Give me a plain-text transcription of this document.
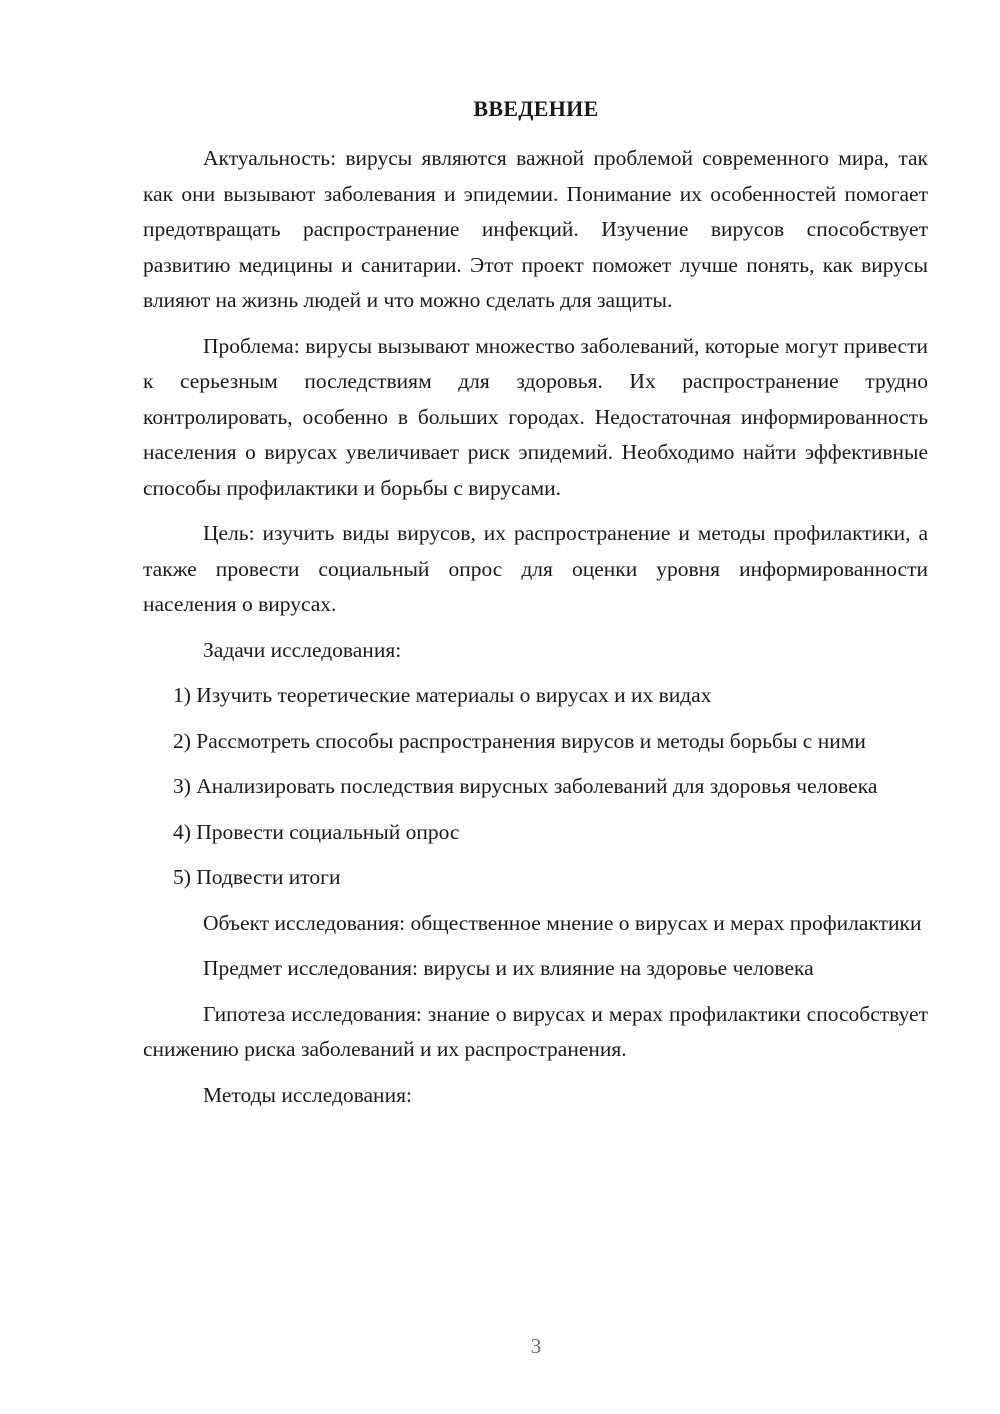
ВВЕДЕНИЕ

Актуальность: вирусы являются важной проблемой современного мира, так как они вызывают заболевания и эпидемии. Понимание их особенностей помогает предотвращать распространение инфекций. Изучение вирусов способствует развитию медицины и санитарии. Этот проект поможет лучше понять, как вирусы влияют на жизнь людей и что можно сделать для защиты.

Проблема: вирусы вызывают множество заболеваний, которые могут привести к серьезным последствиям для здоровья. Их распространение трудно контролировать, особенно в больших городах. Недостаточная информированность населения о вирусах увеличивает риск эпидемий. Необходимо найти эффективные способы профилактики и борьбы с вирусами.

Цель: изучить виды вирусов, их распространение и методы профилактики, а также провести социальный опрос для оценки уровня информированности населения о вирусах.

Задачи исследования:

1) Изучить теоретические материалы о вирусах и их видах

2) Рассмотреть способы распространения вирусов и методы борьбы с ними

3) Анализировать последствия вирусных заболеваний для здоровья человека

4) Провести социальный опрос

5) Подвести итоги

Объект исследования: общественное мнение о вирусах и мерах профилактики

Предмет исследования: вирусы и их влияние на здоровье человека

Гипотеза исследования: знание о вирусах и мерах профилактики способствует снижению риска заболеваний и их распространения.

Методы исследования:

3
